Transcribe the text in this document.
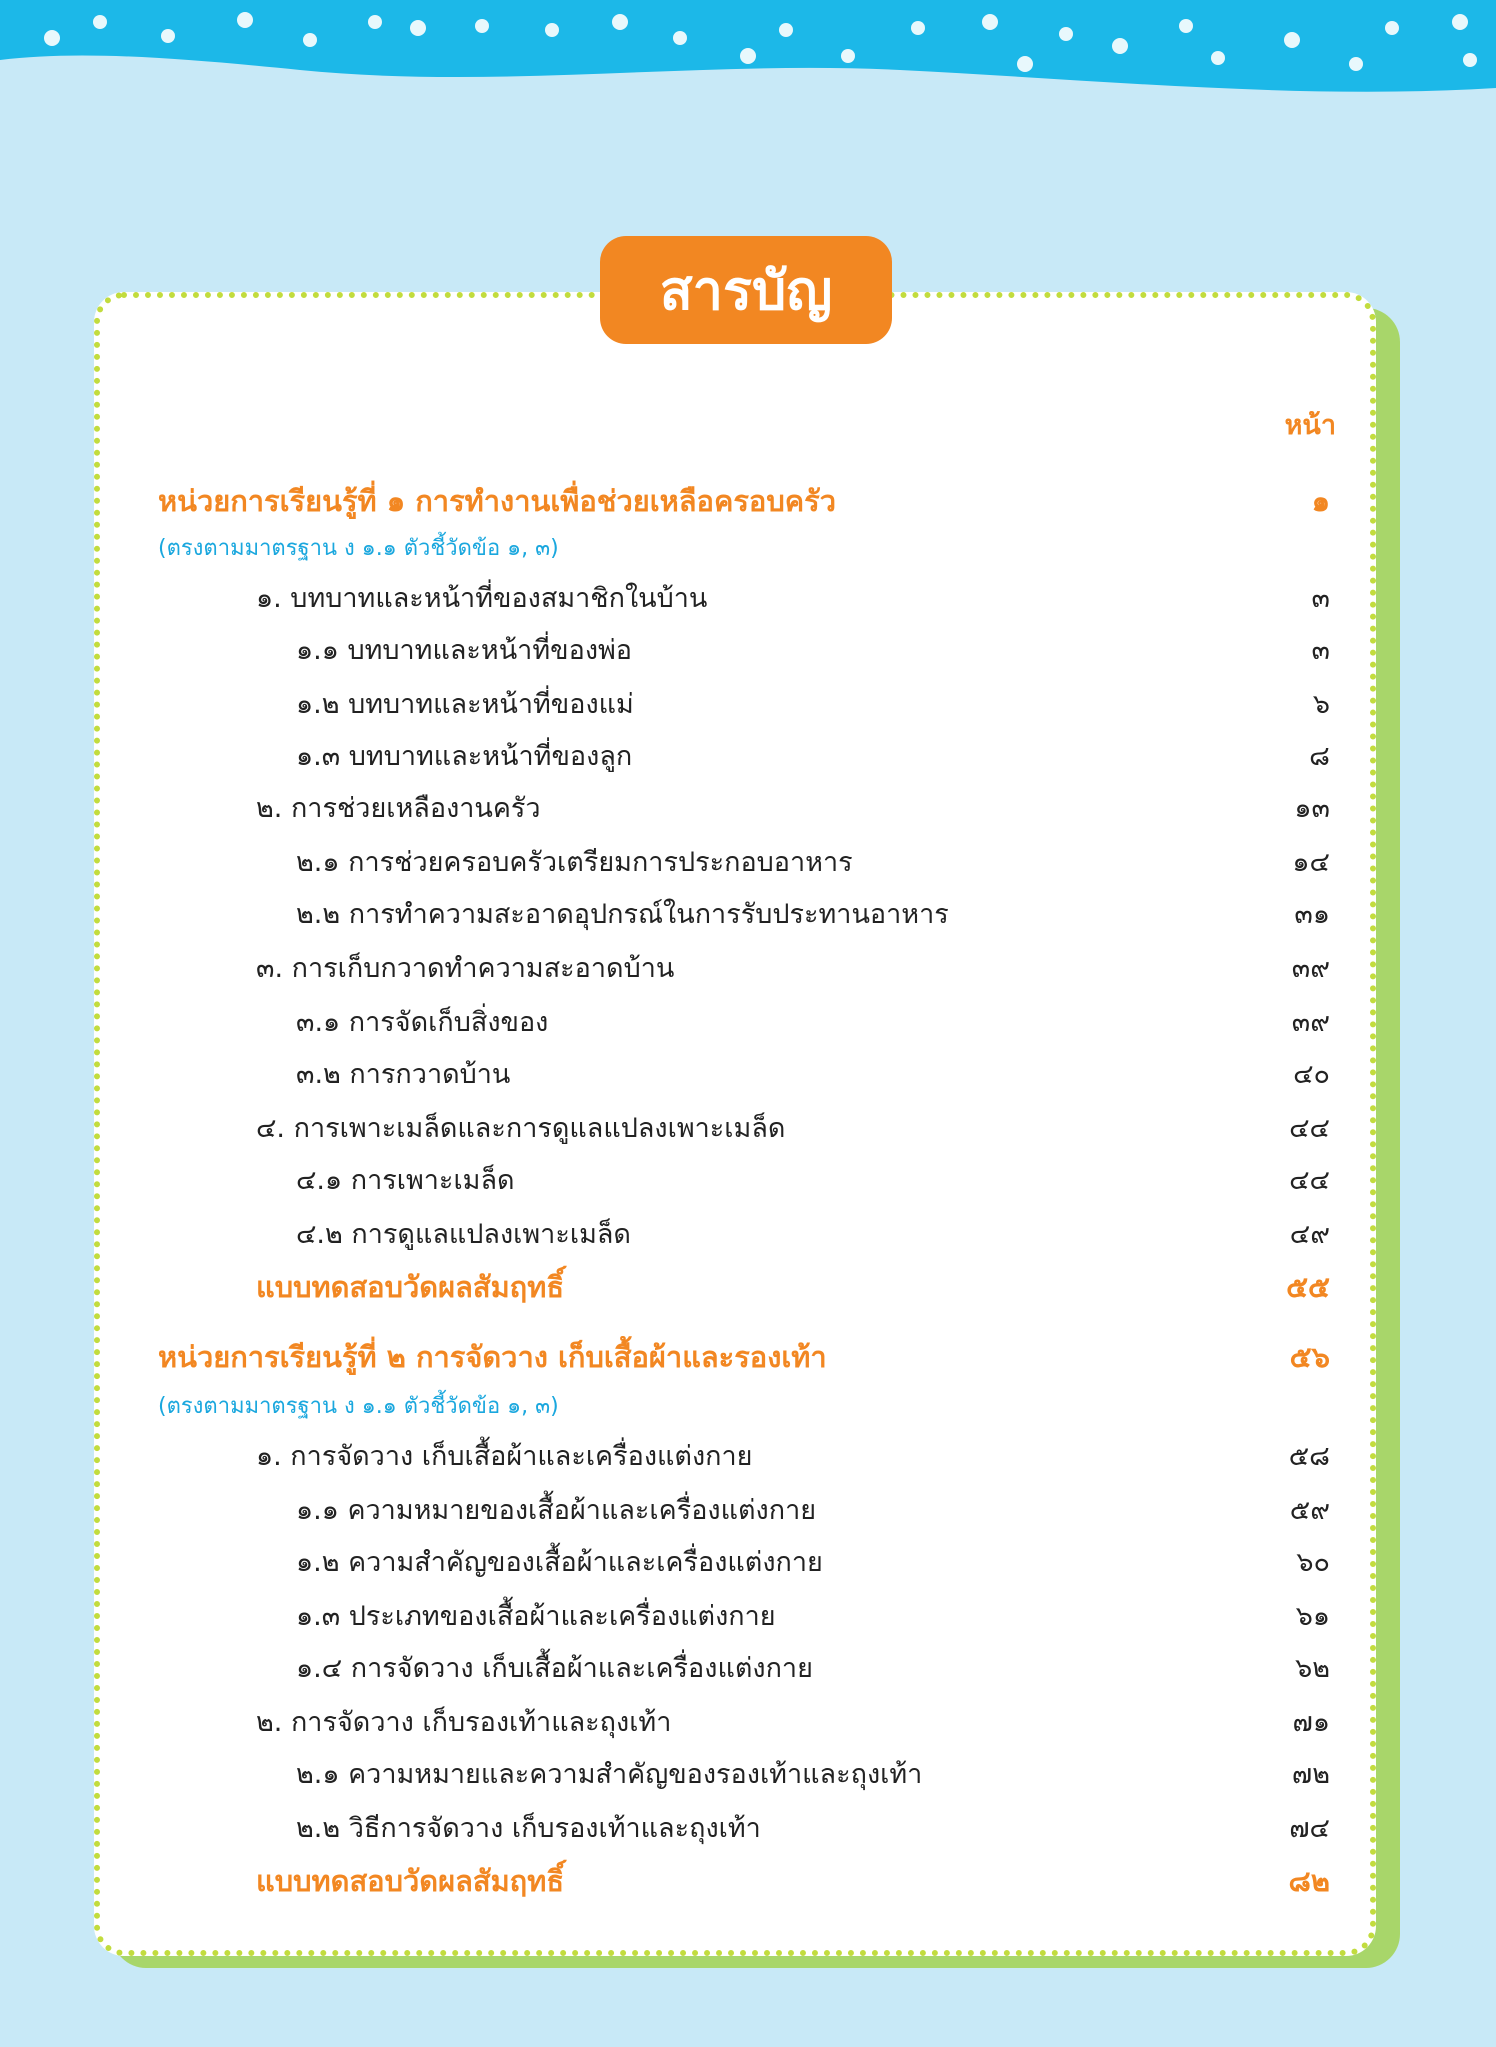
สารบัญ
หน้า
หน่วยการเรียนรู้ที่ ๑ การทำงานเพื่อช่วยเหลือครอบครัว	๑
(ตรงตามมาตรฐาน ง ๑.๑ ตัวชี้วัดข้อ ๑, ๓)
๑. บทบาทและหน้าที่ของสมาชิกในบ้าน	๓
๑.๑ บทบาทและหน้าที่ของพ่อ	๓
๑.๒ บทบาทและหน้าที่ของแม่	๖
๑.๓ บทบาทและหน้าที่ของลูก	๘
๒. การช่วยเหลืองานครัว	๑๓
๒.๑ การช่วยครอบครัวเตรียมการประกอบอาหาร	๑๔
๒.๒ การทำความสะอาดอุปกรณ์ในการรับประทานอาหาร	๓๑
๓. การเก็บกวาดทำความสะอาดบ้าน	๓๙
๓.๑ การจัดเก็บสิ่งของ	๓๙
๓.๒ การกวาดบ้าน	๔๐
๔. การเพาะเมล็ดและการดูแลแปลงเพาะเมล็ด	๔๔
๔.๑ การเพาะเมล็ด	๔๔
๔.๒ การดูแลแปลงเพาะเมล็ด	๔๙
แบบทดสอบวัดผลสัมฤทธิ์	๕๕
หน่วยการเรียนรู้ที่ ๒ การจัดวาง เก็บเสื้อผ้าและรองเท้า	๕๖
(ตรงตามมาตรฐาน ง ๑.๑ ตัวชี้วัดข้อ ๑, ๓)
๑. การจัดวาง เก็บเสื้อผ้าและเครื่องแต่งกาย	๕๘
๑.๑ ความหมายของเสื้อผ้าและเครื่องแต่งกาย	๕๙
๑.๒ ความสำคัญของเสื้อผ้าและเครื่องแต่งกาย	๖๐
๑.๓ ประเภทของเสื้อผ้าและเครื่องแต่งกาย	๖๑
๑.๔ การจัดวาง เก็บเสื้อผ้าและเครื่องแต่งกาย	๖๒
๒. การจัดวาง เก็บรองเท้าและถุงเท้า	๗๑
๒.๑ ความหมายและความสำคัญของรองเท้าและถุงเท้า	๗๒
๒.๒ วิธีการจัดวาง เก็บรองเท้าและถุงเท้า	๗๔
แบบทดสอบวัดผลสัมฤทธิ์	๘๒
